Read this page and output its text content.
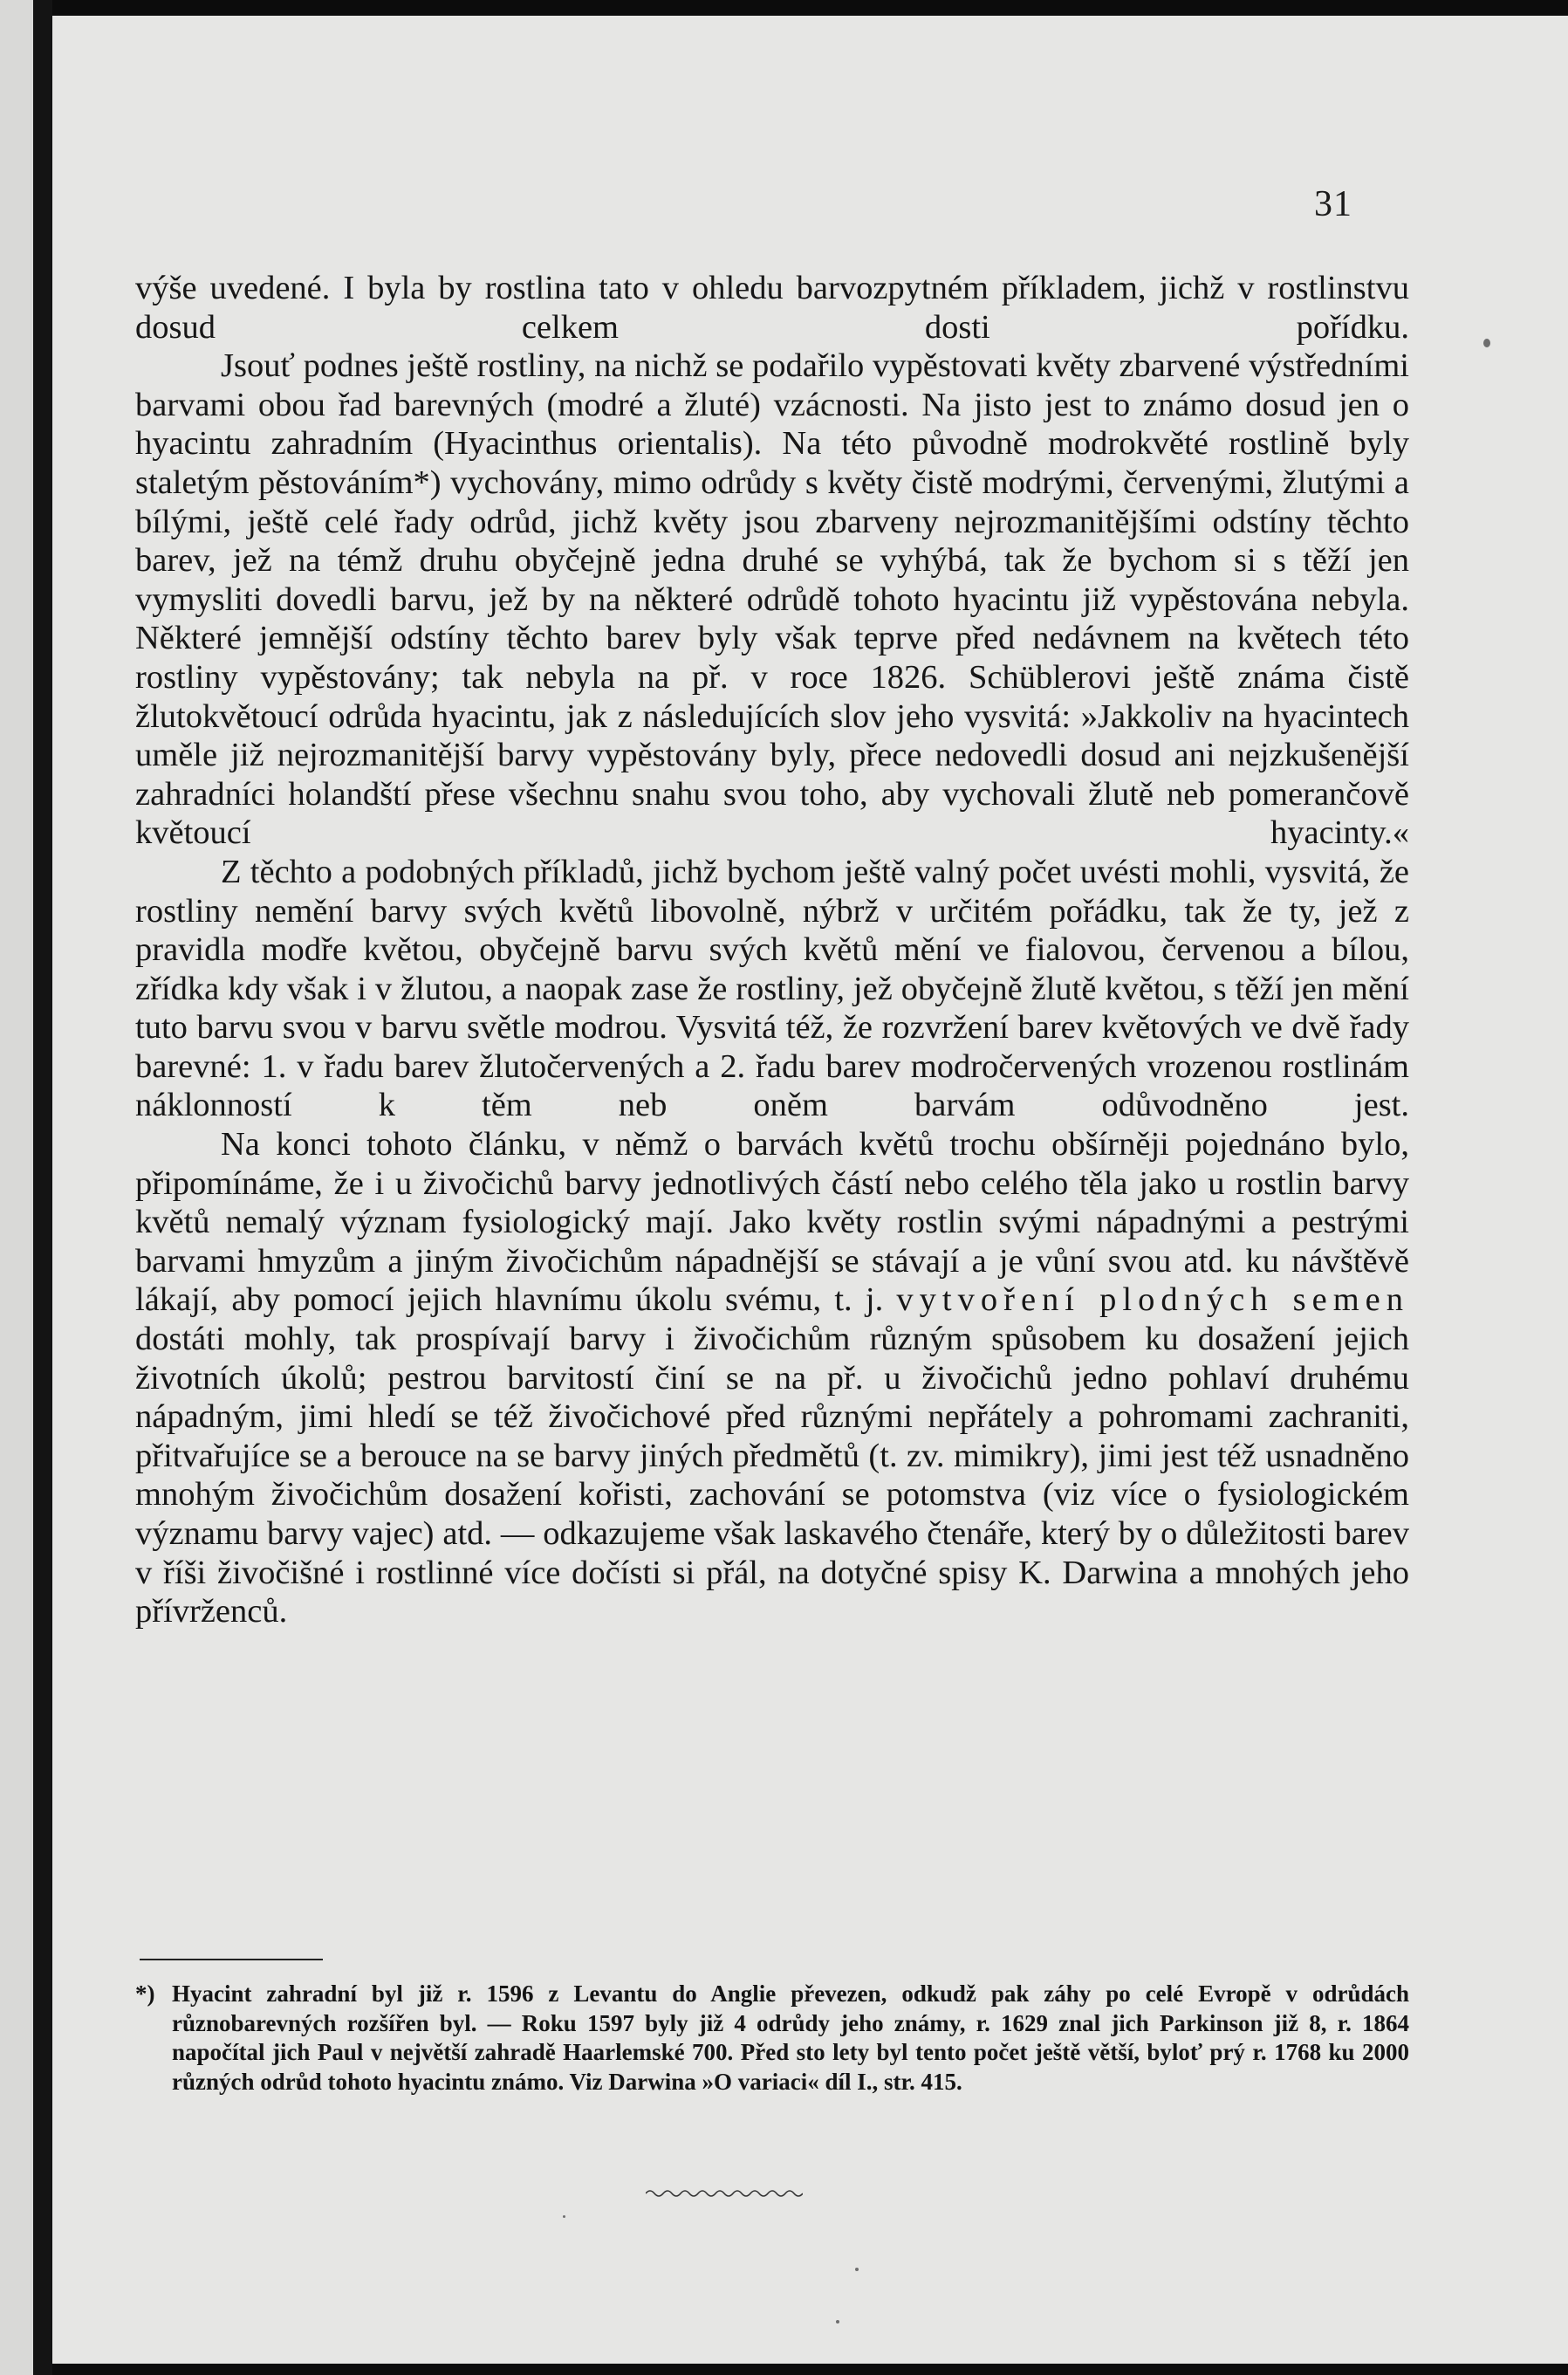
31

výše uvedené. I byla by rostlina tato v ohledu barvozpytném příkladem, jichž v rostlinstvu dosud celkem dosti pořídku.

Jsouť podnes ještě rostliny, na nichž se podařilo vypěstovati květy zbarvené výstředními barvami obou řad barevných (modré a žluté) vzácnosti. Na jisto jest to známo dosud jen o hyacintu zahradním (Hyacinthus orientalis). Na této původně modrokvěté rostlině byly staletým pěstováním*) vychovány, mimo odrůdy s květy čistě modrými, červenými, žlutými a bílými, ještě celé řady odrůd, jichž květy jsou zbarveny nejrozmanitějšími odstíny těchto barev, jež na témž druhu obyčejně jedna druhé se vyhýbá, tak že bychom si s těží jen vymysliti dovedli barvu, jež by na některé odrůdě tohoto hyacintu již vypěstována nebyla. Některé jemnější odstíny těchto barev byly však teprve před nedávnem na květech této rostliny vypěstovány; tak nebyla na př. v roce 1826. Schüblerovi ještě známa čistě žlutokvětoucí odrůda hyacintu, jak z následujících slov jeho vysvitá: »Jakkoliv na hyacintech uměle již nejrozmanitější barvy vypěstovány byly, přece nedovedli dosud ani nejzkušenější zahradníci holandští přese všechnu snahu svou toho, aby vychovali žlutě neb pomerančově květoucí hyacinty.«

Z těchto a podobných příkladů, jichž bychom ještě valný počet uvésti mohli, vysvitá, že rostliny nemění barvy svých květů libovolně, nýbrž v určitém pořádku, tak že ty, jež z pravidla modře květou, obyčejně barvu svých květů mění ve fialovou, červenou a bílou, zřídka kdy však i v žlutou, a naopak zase že rostliny, jež obyčejně žlutě květou, s těží jen mění tuto barvu svou v barvu světle modrou. Vysvitá též, že rozvržení barev květových ve dvě řady barevné: 1. v řadu barev žlutočervených a 2. řadu barev modročervených vrozenou rostlinám náklonností k těm neb oněm barvám odůvodněno jest.

Na konci tohoto článku, v němž o barvách květů trochu obšírněji pojednáno bylo, připomínáme, že i u živočichů barvy jednotlivých částí nebo celého těla jako u rostlin barvy květů nemalý význam fysiologický mají. Jako květy rostlin svými nápadnými a pestrými barvami hmyzům a jiným živočichům nápadnější se stávají a je vůní svou atd. ku návštěvě lákají, aby pomocí jejich hlavnímu úkolu svému, t. j. vytvoření plodných semen dostáti mohly, tak prospívají barvy i živočichům různým spůsobem ku dosažení jejich životních úkolů; pestrou barvitostí činí se na př. u živočichů jedno pohlaví druhému nápadným, jimi hledí se též živočichové před různými nepřátely a pohromami zachraniti, přitvařujíce se a berouce na se barvy jiných předmětů (t. zv. mimikry), jimi jest též usnadněno mnohým živočichům dosažení kořisti, zachování se potomstva (viz více o fysiologickém významu barvy vajec) atd. — odkazujeme však laskavého čtenáře, který by o důležitosti barev v říši živočišné i rostlinné více dočísti si přál, na dotyčné spisy K. Darwina a mnohých jeho přívrženců.

*) Hyacint zahradní byl již r. 1596 z Levantu do Anglie převezen, odkudž pak záhy po celé Evropě v odrůdách různobarevných rozšířen byl. — Roku 1597 byly již 4 odrůdy jeho známy, r. 1629 znal jich Parkinson již 8, r. 1864 napočítal jich Paul v největší zahradě Haarlemské 700. Před sto lety byl tento počet ještě větší, byloť prý r. 1768 ku 2000 různých odrůd tohoto hyacintu známo. Viz Darwina »O variaci« díl I., str. 415.
